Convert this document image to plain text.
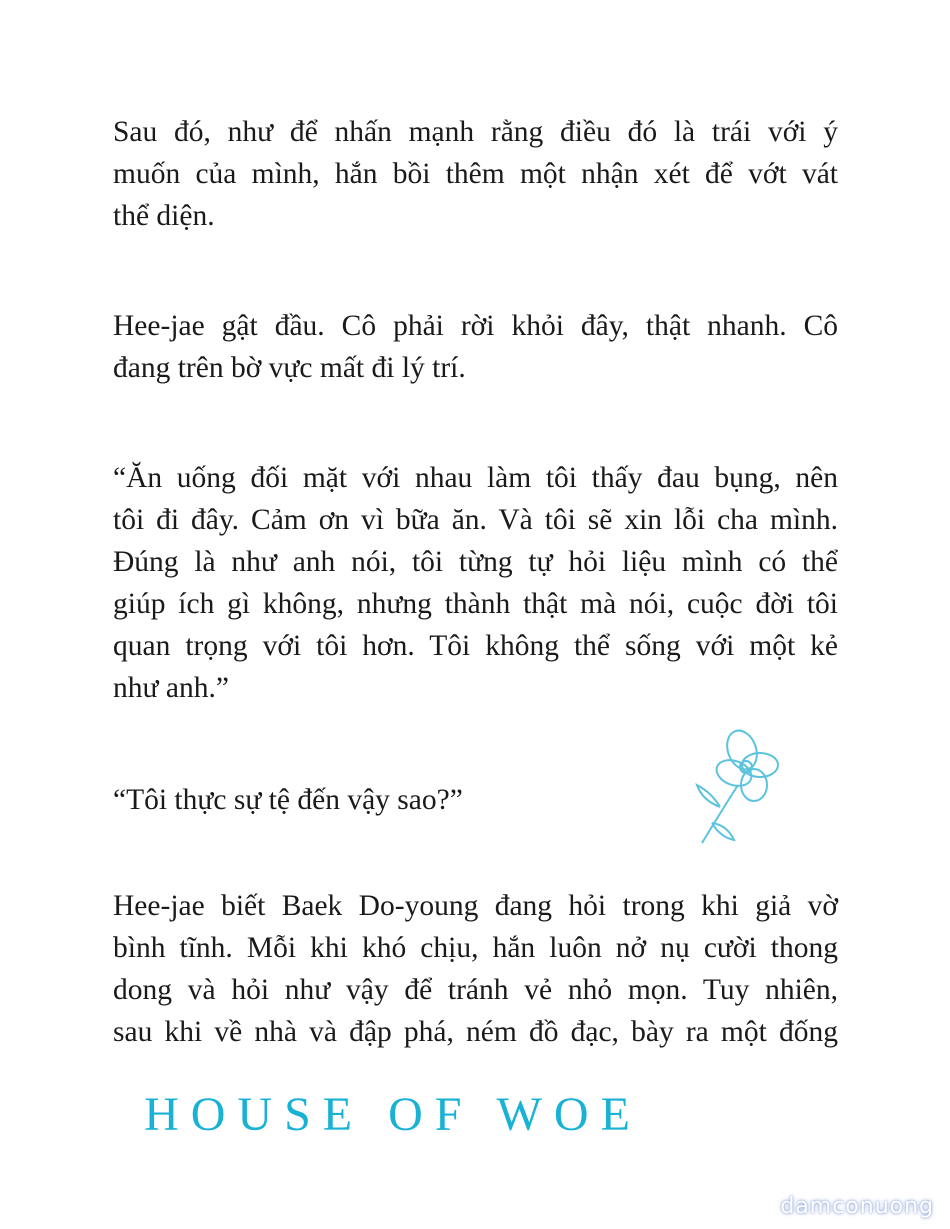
HOUSE OF WOE
Sau đó, như để nhấn mạnh rằng điều đó là trái với ý
muốn của mình, hắn bồi thêm một nhận xét để vớt vát
thể diện.
Hee-jae gật đầu. Cô phải rời khỏi đây, thật nhanh. Cô
đang trên bờ vực mất đi lý trí.
“Ăn uống đối mặt với nhau làm tôi thấy đau bụng, nên
tôi đi đây. Cảm ơn vì bữa ăn. Và tôi sẽ xin lỗi cha mình.
Đúng là như anh nói, tôi từng tự hỏi liệu mình có thể
giúp ích gì không, nhưng thành thật mà nói, cuộc đời tôi
quan trọng với tôi hơn. Tôi không thể sống với một kẻ
như anh.”
“Tôi thực sự tệ đến vậy sao?”
Hee-jae biết Baek Do-young đang hỏi trong khi giả vờ
bình tĩnh. Mỗi khi khó chịu, hắn luôn nở nụ cười thong
dong và hỏi như vậy để tránh vẻ nhỏ mọn. Tuy nhiên,
sau khi về nhà và đập phá, ném đồ đạc, bày ra một đống
damconuong
